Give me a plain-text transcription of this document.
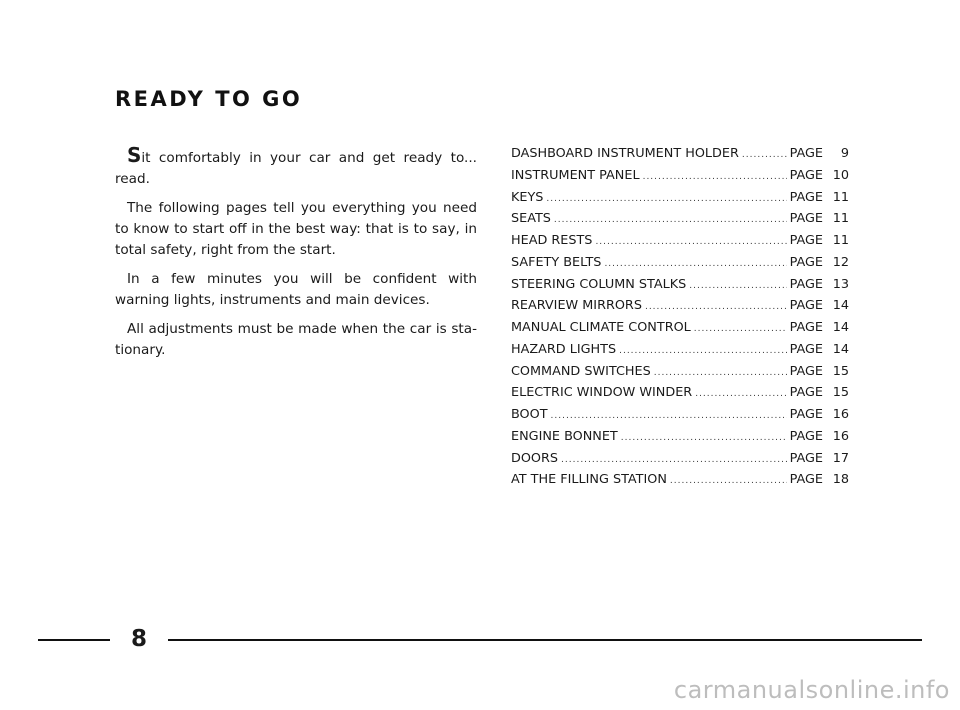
READY TO GO

Sit comfortably in your car and get ready to... read.

The following pages tell you everything you need to know to start off in the best way: that is to say, in total safety, right from the start.

In a few minutes you will be confident with warning lights, instruments and main devices.

All adjustments must be made when the car is sta-tionary.

DASHBOARD INSTRUMENT HOLDER .....	PAGE	9
INSTRUMENT PANEL .....	PAGE 10
KEYS .....	PAGE 11
SEATS .....	PAGE 11
HEAD RESTS .....	PAGE 11
SAFETY BELTS .....	PAGE 12
STEERING COLUMN STALKS .....	PAGE 13
REARVIEW MIRRORS .....	PAGE 14
MANUAL CLIMATE CONTROL .....	PAGE 14
HAZARD LIGHTS .....	PAGE 14
COMMAND SWITCHES .....	PAGE 15
ELECTRIC WINDOW WINDER .....	PAGE 15
BOOT .....	PAGE 16
ENGINE BONNET .....	PAGE 16
DOORS .....	PAGE 17
AT THE FILLING STATION .....	PAGE 18
8
carmanualsonline.info
